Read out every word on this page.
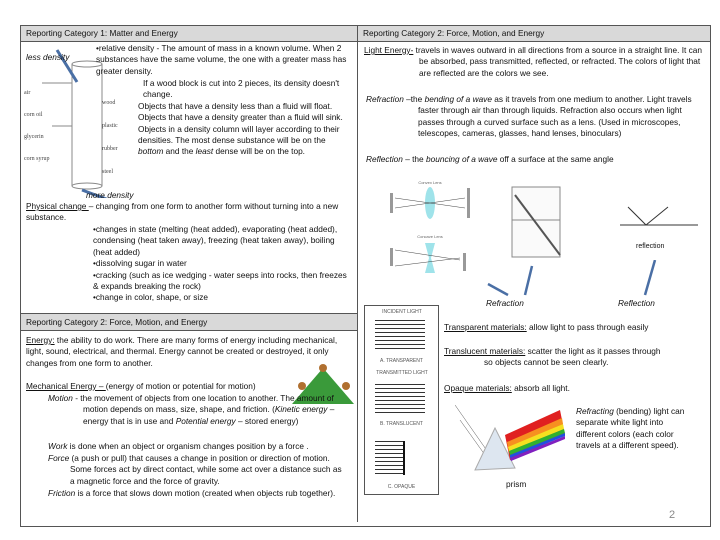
Reporting Category 1: Matter and Energy	Reporting Category 2: Force, Motion, and Energy
less density
more density
air
corn oil
glycerin
corn syrup
wood
plastic
rubber
steel
•relative density - The amount of mass in a known volume. When 2 substances have the same volume, the one with a greater mass has greater density.
If a wood block is cut into 2 pieces, its density doesn't change.
Objects that have a density less than a fluid will float. Objects that have a density greater than a fluid will sink.
Objects in a density column will layer according to their densities. The most dense substance will be on the bottom and the least dense will be on the top.
Physical change – changing from one form to another form without turning into a new substance.
•changes in state (melting (heat added), evaporating (heat added), condensing (heat taken away), freezing (heat taken away), boiling (heat added)
•dissolving sugar in water
•cracking (such as ice wedging - water seeps into rocks, then freezes & expands breaking the rock)
•change in color, shape, or size
Reporting Category 2: Force, Motion, and Energy
Energy: the ability to do work. There are many forms of energy including mechanical, light, sound, electrical, and thermal. Energy cannot be created or destroyed, it only changes from one form to another.
Mechanical Energy – (energy of motion or potential for motion)
Motion - the movement of objects from one location to another. The amount of motion depends on mass, size, shape, and friction. (Kinetic energy – energy that is in use and Potential energy – stored energy)
Work is done when an object or organism changes position by a force .
Force (a push or pull) that causes a change in position or direction of motion. Some forces act by direct contact, while some act over a distance such as a magnetic force and the force of gravity.
Friction is a force that slows down motion (created when objects rub together).
Light Energy- travels in waves outward in all directions from a source in a straight line. It can be absorbed, pass transmitted, reflected, or refracted. The colors of light that are reflected are the colors we see.
Refraction –the bending of a wave as it travels from one medium to another. Light travels faster through air than through liquids. Refraction also occurs when light passes through a curved surface such as a lens. (Used in microscopes, telescopes, cameras, glasses, hand lenses, binoculars)
Reflection – the bouncing of a wave off a surface at the same angle
Convex Lens
Concave Lens
reflection
Refraction	Reflection
INCIDENT LIGHT
A. TRANSPARENT
TRANSMITTED LIGHT
B. TRANSLUCENT
C. OPAQUE
Transparent materials: allow light to pass through easily
Translucent materials: scatter the light as it passes through so objects cannot be seen clearly.
Opaque materials: absorb all light.
prism
Refracting (bending) light can separate white light into different colors (each color travels at a different speed).
2
